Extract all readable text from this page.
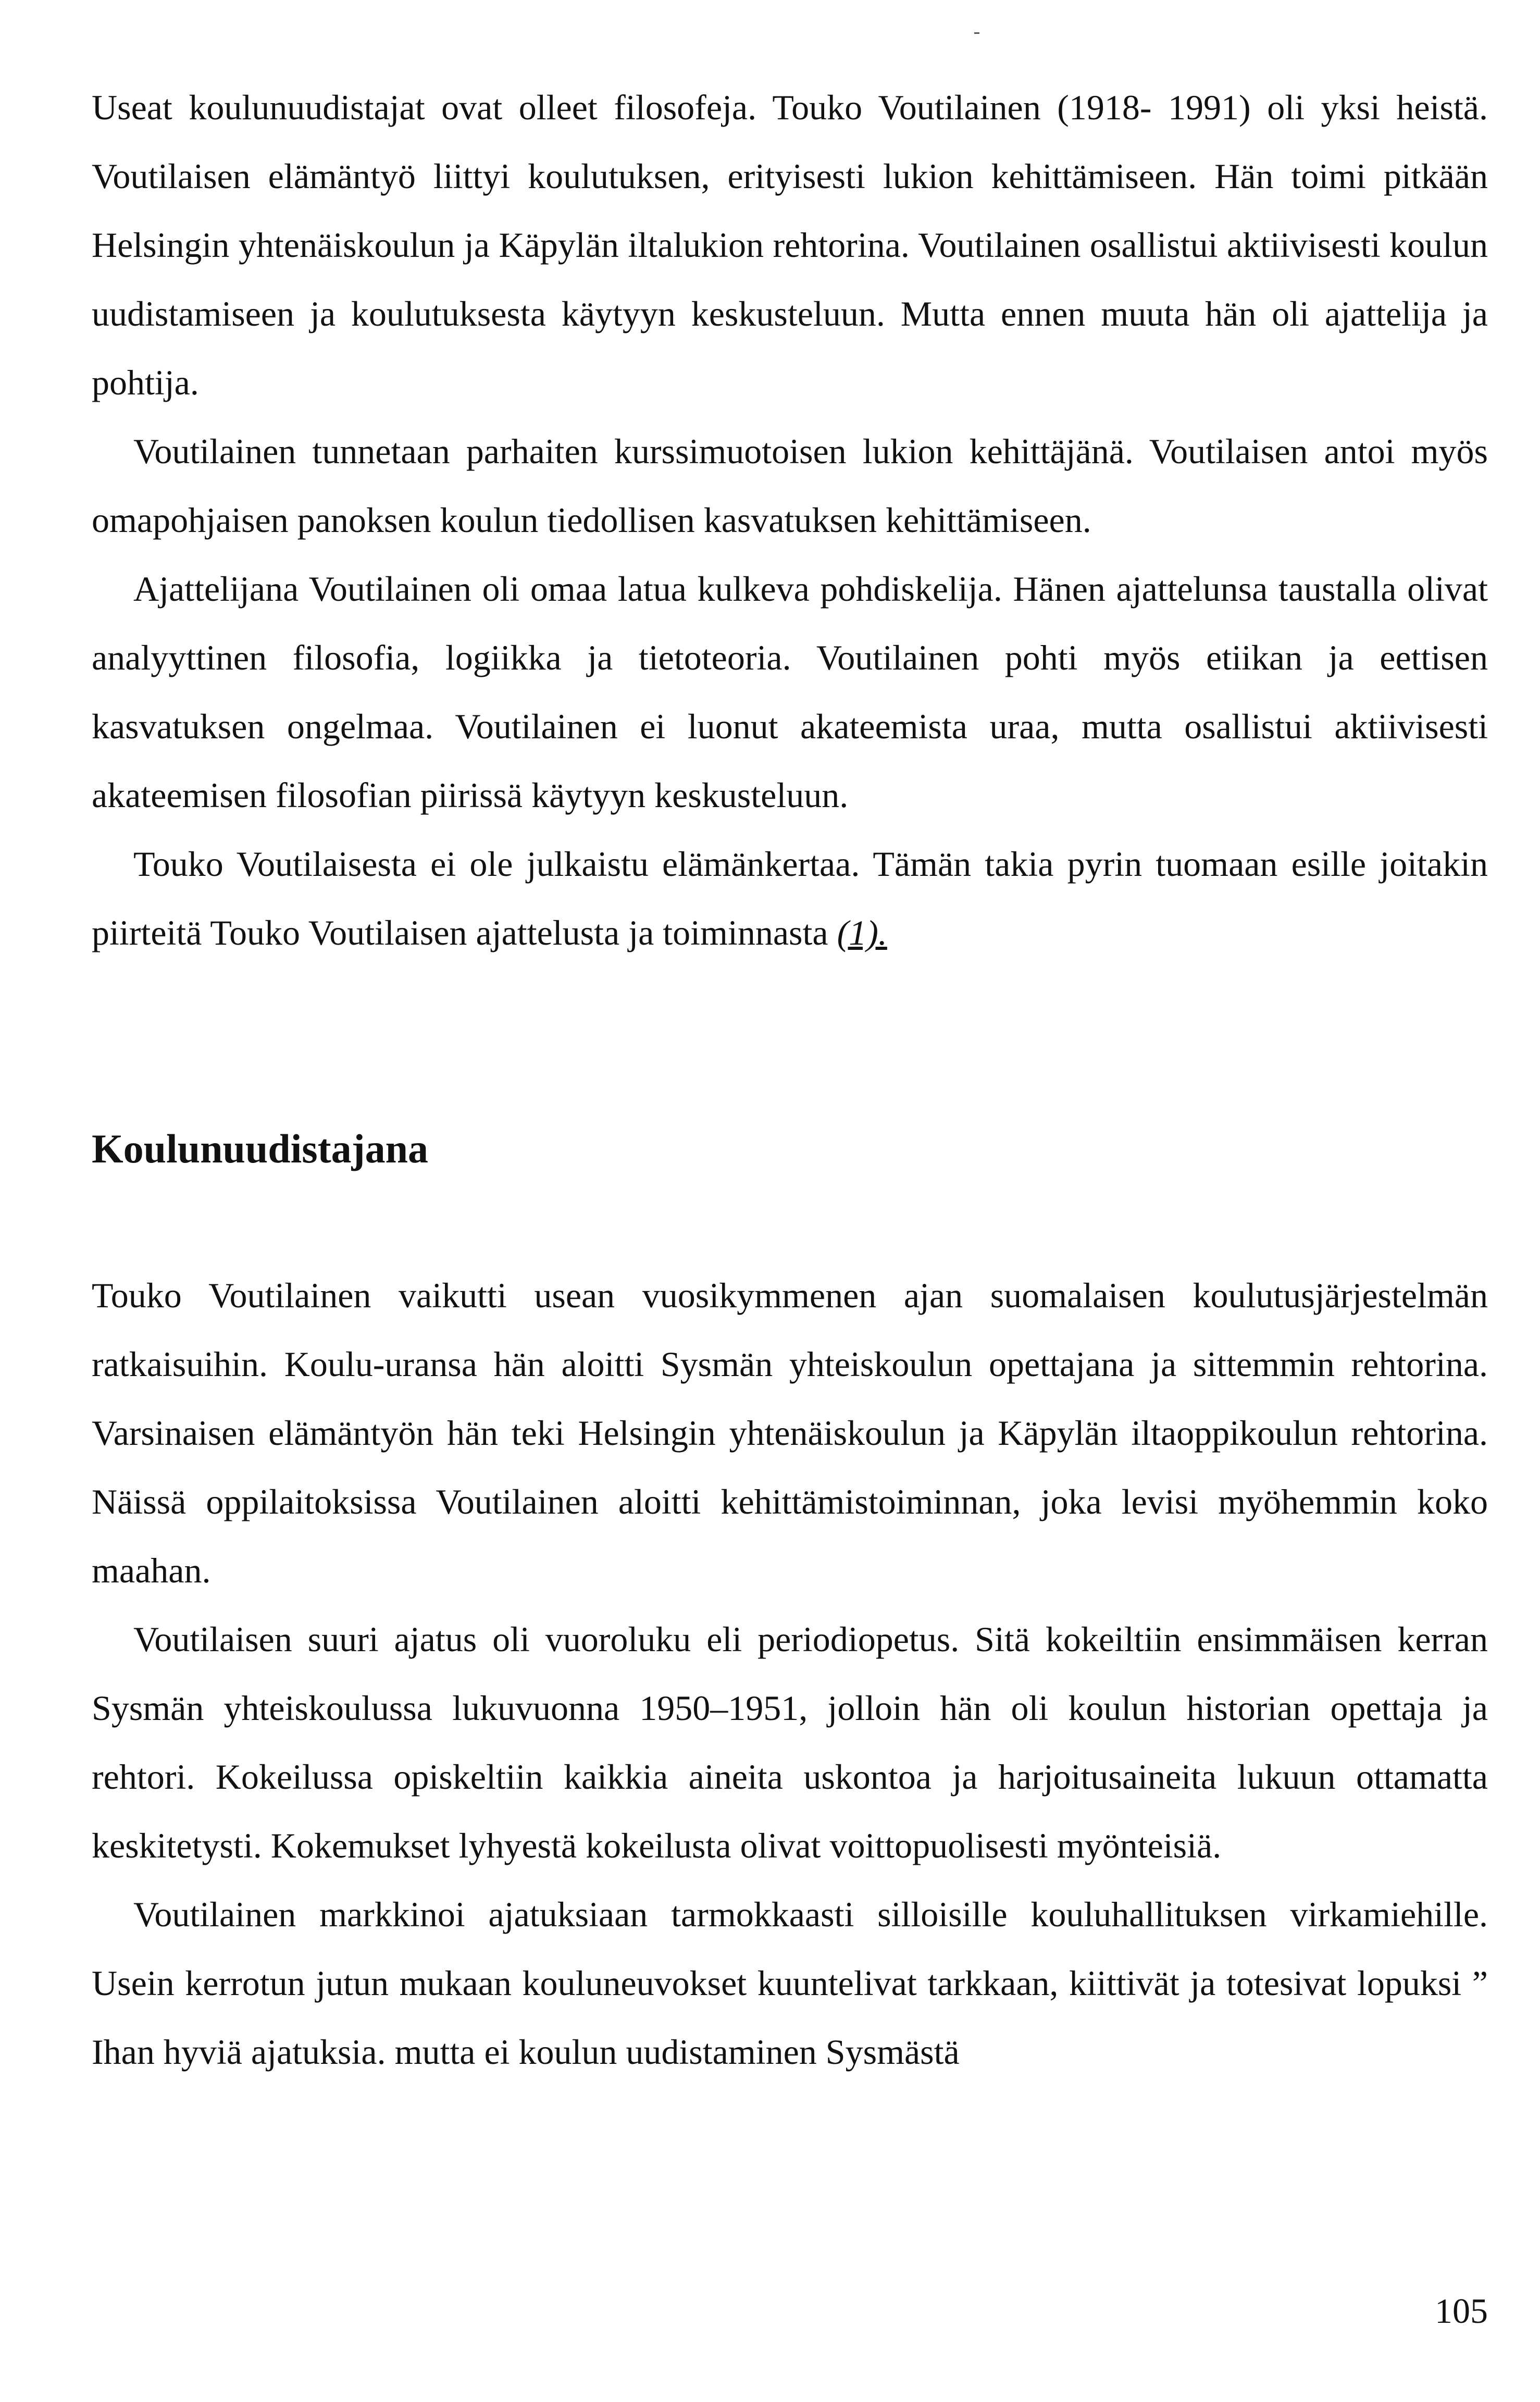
Useat koulunuudistajat ovat olleet filosofeja. Touko Voutilainen (1918- 1991) oli yksi heistä. Voutilaisen elämäntyö liittyi koulutuksen, erityisesti lukion kehittämiseen. Hän toimi pitkään Helsingin yhtenäiskoulun ja Käpylän iltalukion rehtorina. Voutilainen osallistui aktiivisesti koulun uudistamiseen ja koulutuksesta käytyyn keskusteluun. Mutta ennen muuta hän oli ajattelija ja pohtija.

Voutilainen tunnetaan parhaiten kurssimuotoisen lukion kehittäjänä. Voutilaisen antoi myös omapohjaisen panoksen koulun tiedollisen kasvatuksen kehittämiseen.

Ajattelijana Voutilainen oli omaa latua kulkeva pohdiskelija. Hänen ajattelunsa taustalla olivat analyyttinen filosofia, logiikka ja tietoteoria. Voutilainen pohti myös etiikan ja eettisen kasvatuksen ongelmaa. Voutilainen ei luonut akateemista uraa, mutta osallistui aktiivisesti akateemisen filosofian piirissä käytyyn keskusteluun.

Touko Voutilaisesta ei ole julkaistu elämänkertaa. Tämän takia pyrin tuomaan esille joitakin piirteitä Touko Voutilaisen ajattelusta ja toiminnasta (1).

Koulunuudistajana

Touko Voutilainen vaikutti usean vuosikymmenen ajan suomalaisen koulutusjärjestelmän ratkaisuihin. Koulu-uransa hän aloitti Sysmän yhteiskoulun opettajana ja sittemmin rehtorina. Varsinaisen elämäntyön hän teki Helsingin yhtenäiskoulun ja Käpylän iltaoppikoulun rehtorina. Näissä oppilaitoksissa Voutilainen aloitti kehittämistoiminnan, joka levisi myöhemmin koko maahan.

Voutilaisen suuri ajatus oli vuoroluku eli periodiopetus. Sitä kokeiltiin ensimmäisen kerran Sysmän yhteiskoulussa lukuvuonna 1950–1951, jolloin hän oli koulun historian opettaja ja rehtori. Kokeilussa opiskeltiin kaikkia aineita uskontoa ja harjoitusaineita lukuun ottamatta keskitetysti. Kokemukset lyhyestä kokeilusta olivat voittopuolisesti myönteisiä.

Voutilainen markkinoi ajatuksiaan tarmokkaasti silloisille kouluhallituksen virkamiehille. Usein kerrotun jutun mukaan kouluneuvokset kuuntelivat tarkkaan, kiittivät ja totesivat lopuksi ” Ihan hyviä ajatuksia. mutta ei koulun uudistaminen Sysmästä

105
